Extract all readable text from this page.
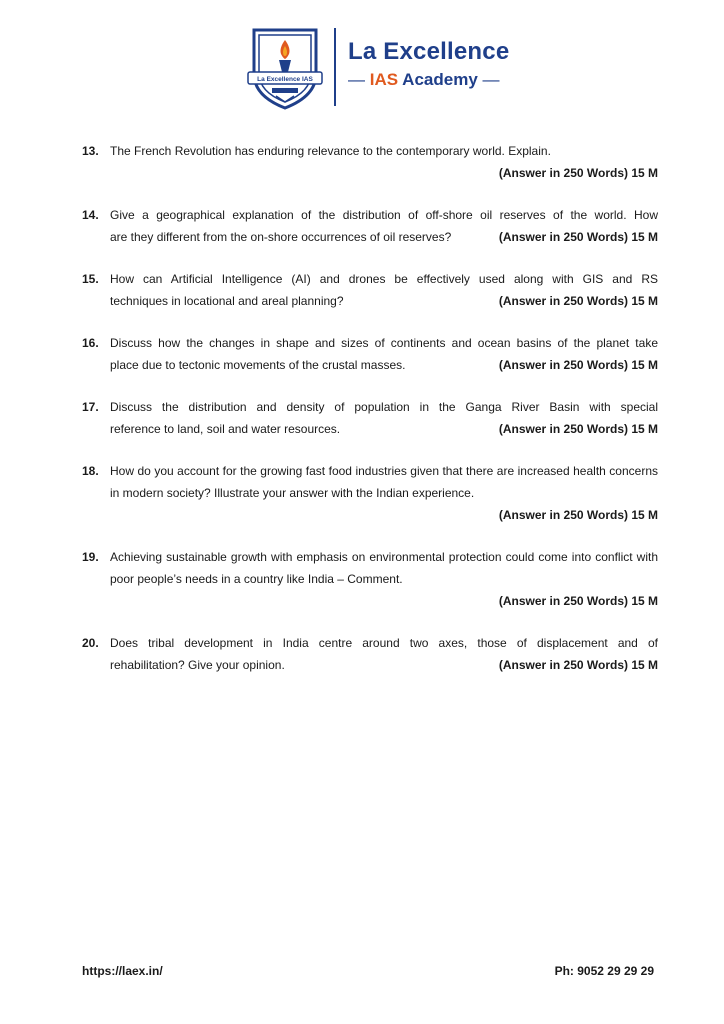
La Excellence IAS
La Excellence
— IAS Academy —
13. The French Revolution has enduring relevance to the contemporary world. Explain.
(Answer in 250 Words) 15 M
14. Give a geographical explanation of the distribution of off-shore oil reserves of the world. How
are they different from the on-shore occurrences of oil reserves?	(Answer in 250 Words) 15 M
15. How can Artificial Intelligence (AI) and drones be effectively used along with GIS and RS
techniques in locational and areal planning?	(Answer in 250 Words) 15 M
16. Discuss how the changes in shape and sizes of continents and ocean basins of the planet take
place due to tectonic movements of the crustal masses.	(Answer in 250 Words) 15 M
17. Discuss the distribution and density of population in the Ganga River Basin with special
reference to land, soil and water resources.	(Answer in 250 Words) 15 M
18. How do you account for the growing fast food industries given that there are increased health concerns in modern society? Illustrate your answer with the Indian experience.
(Answer in 250 Words) 15 M
19. Achieving sustainable growth with emphasis on environmental protection could come into conflict with poor people’s needs in a country like India – Comment.
(Answer in 250 Words) 15 M
20. Does tribal development in India centre around two axes, those of displacement and of
rehabilitation? Give your opinion.	(Answer in 250 Words) 15 M
https://laex.in/	Ph: 9052 29 29 29
